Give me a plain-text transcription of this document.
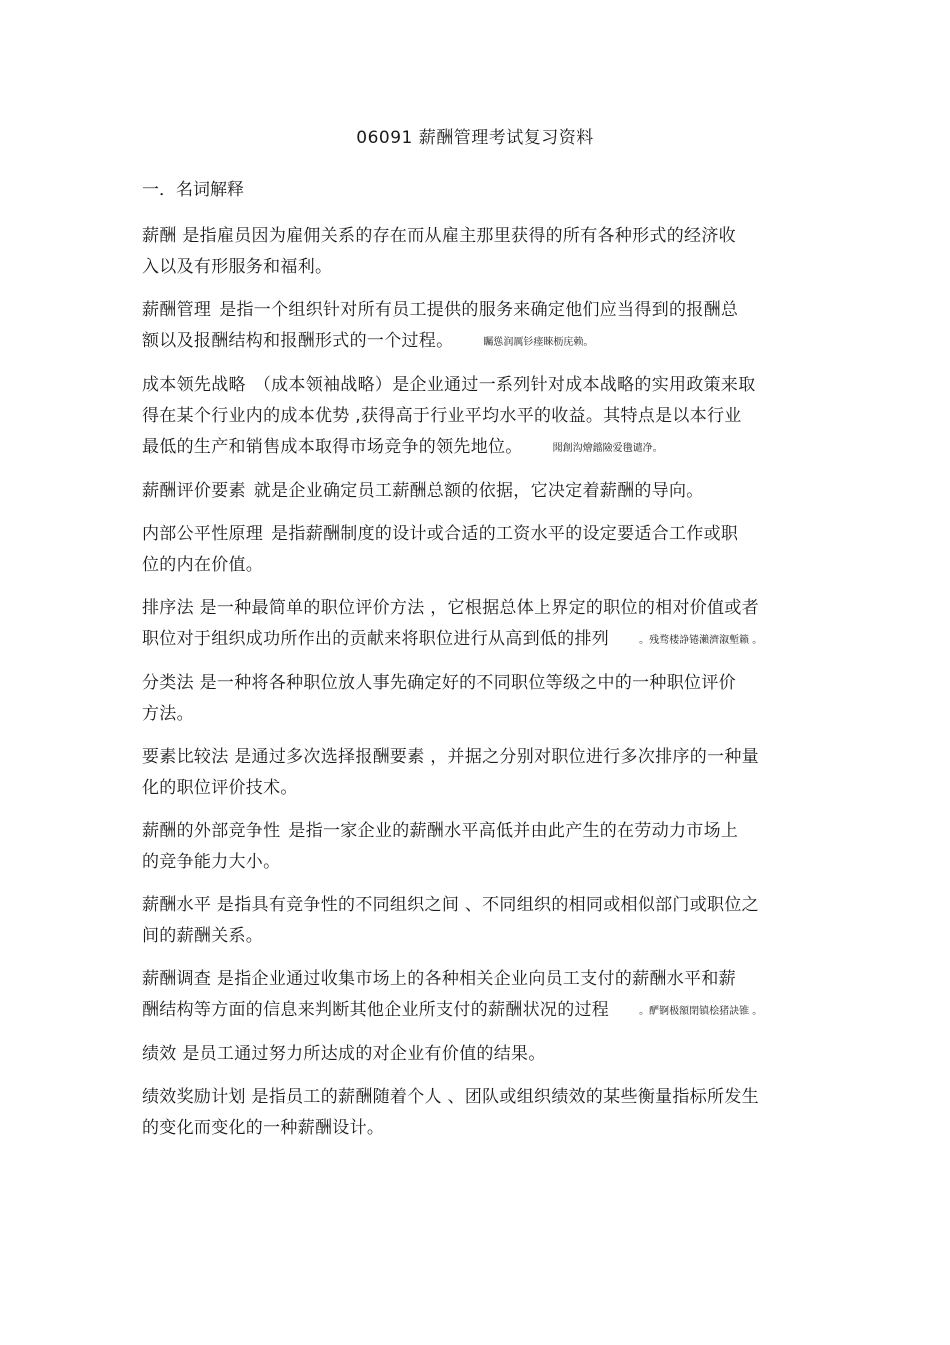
06091 薪酬管理考试复习资料
一．名词解释

薪酬 是指雇员因为雇佣关系的存在而从雇主那里获得的所有各种形式的经济收
入以及有形服务和福利。

薪酬管理 是指一个组织针对所有员工提供的服务来确定他们应当得到的报酬总
额以及报酬结构和报酬形式的一个过程。	矚慫润厲钐瘗睞枥庑赖。

成本领先战略 （成本领袖战略）是企业通过一系列针对成本战略的实用政策来取
得在某个行业内的成本优势 ,获得高于行业平均水平的收益。其特点是以本行业
最低的生产和销售成本取得市场竞争的领先地位。	聞創沟燴鐺險爱氇谴净。

薪酬评价要素 就是企业确定员工薪酬总额的依据，它决定着薪酬的导向。

内部公平性原理 是指薪酬制度的设计或合适的工资水平的设定要适合工作或职
位的内在价值。

排序法 是一种最简单的职位评价方法 ，它根据总体上界定的职位的相对价值或者
职位对于组织成功所作出的贡献来将职位进行从高到低的排列	。残骛楼諍锩瀨濟溆塹籟 。

分类法 是一种将各种职位放人事先确定好的不同职位等级之中的一种职位评价
方法。

要素比较法 是通过多次选择报酬要素 ，并据之分别对职位进行多次排序的一种量
化的职位评价技术。

薪酬的外部竞争性 是指一家企业的薪酬水平高低并由此产生的在劳动力市场上
的竞争能力大小。

薪酬水平 是指具有竞争性的不同组织之间 、不同组织的相同或相似部门或职位之
间的薪酬关系。

薪酬调查 是指企业通过收集市场上的各种相关企业向员工支付的薪酬水平和薪
酬结构等方面的信息来判断其他企业所支付的薪酬状况的过程	。酽锕极額閉镇桧猪訣锥 。

绩效 是员工通过努力所达成的对企业有价值的结果。

绩效奖励计划 是指员工的薪酬随着个人 、团队或组织绩效的某些衡量指标所发生
的变化而变化的一种薪酬设计。
